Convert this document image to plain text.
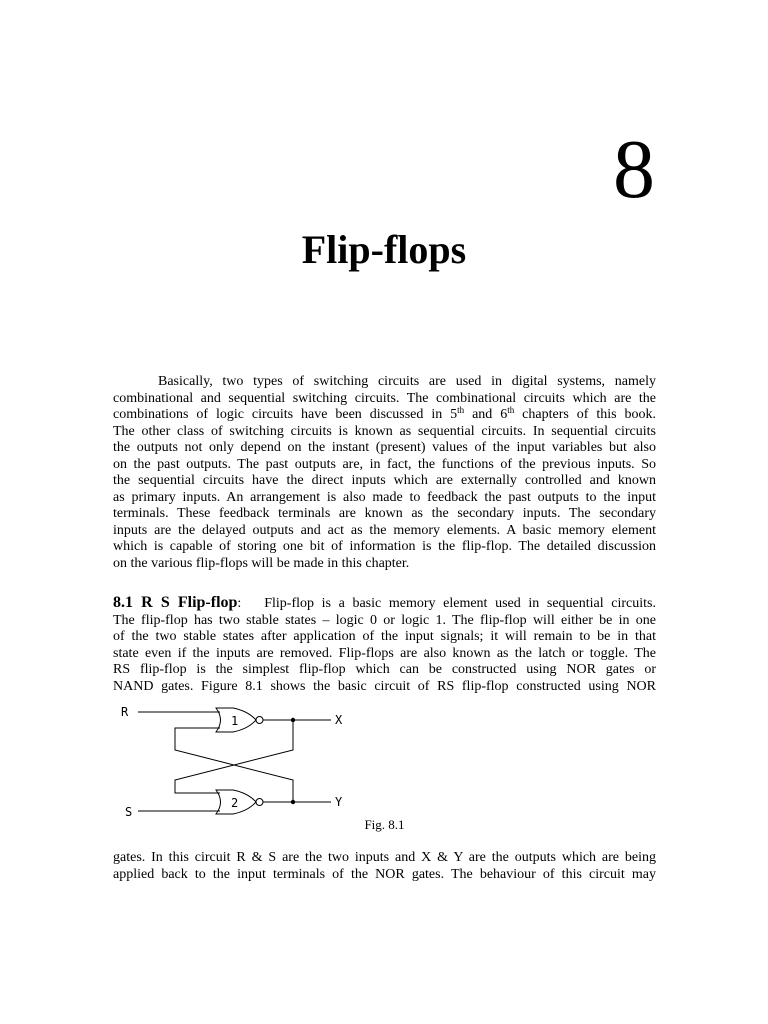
8
Flip-flops
Basically, two types of switching circuits are used in digital systems, namely
combinational and sequential switching circuits. The combinational circuits which are the
combinations of logic circuits have been discussed in 5th and 6th chapters of this book.
The other class of switching circuits is known as sequential circuits. In sequential circuits
the outputs not only depend on the instant (present) values of the input variables but also
on the past outputs. The past outputs are, in fact, the functions of the previous inputs. So
the sequential circuits have the direct inputs which are externally controlled and known
as primary inputs. An arrangement is also made to feedback the past outputs to the input
terminals. These feedback terminals are known as the secondary inputs. The secondary
inputs are the delayed outputs and act as the memory elements. A basic memory element
which is capable of storing one bit of information is the flip-flop. The detailed discussion
on the various flip-flops will be made in this chapter.
8.1 R S Flip-flop: Flip-flop is a basic memory element used in sequential circuits.
The flip-flop has two stable states – logic 0 or logic 1. The flip-flop will either be in one
of the two stable states after application of the input signals; it will remain to be in that
state even if the inputs are removed. Flip-flops are also known as the latch or toggle. The
RS flip-flop is the simplest flip-flop which can be constructed using NOR gates or
NAND gates. Figure 8.1 shows the basic circuit of RS flip-flop constructed using NOR
R
S
X
Y
1
2
Fig. 8.1
gates. In this circuit R & S are the two inputs and X & Y are the outputs which are being
applied back to the input terminals of the NOR gates. The behaviour of this circuit may
